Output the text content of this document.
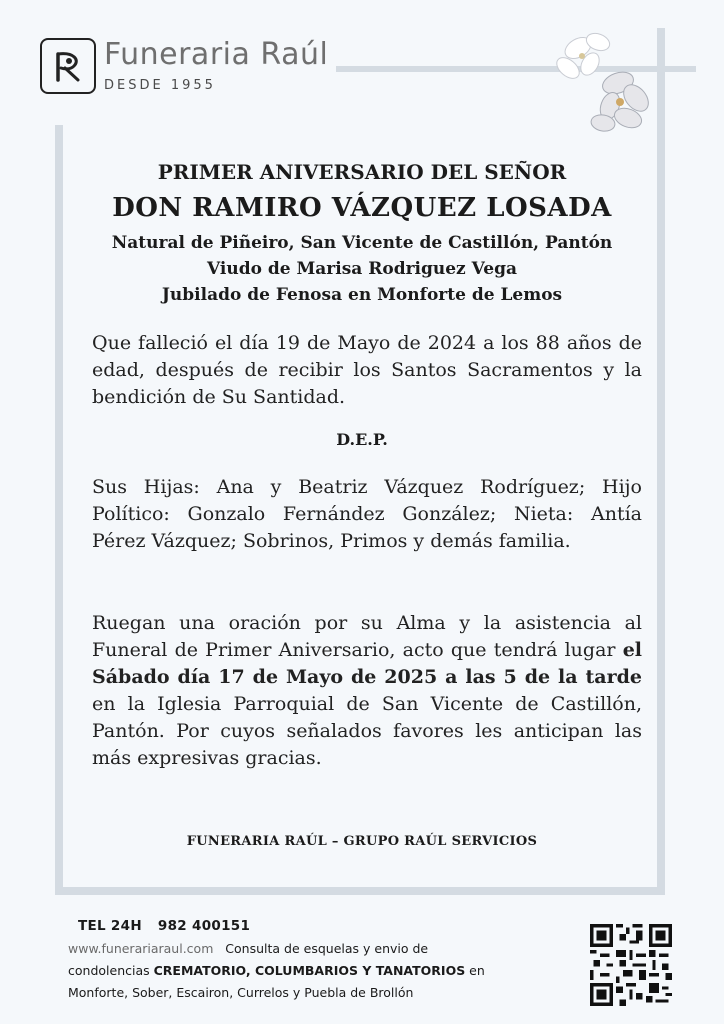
Funeraria Raúl
DESDE 1955
PRIMER ANIVERSARIO DEL SEÑOR
DON RAMIRO VÁZQUEZ LOSADA
Natural de Piñeiro, San Vicente de Castillón, Pantón
Viudo de Marisa Rodriguez Vega
Jubilado de Fenosa en Monforte de Lemos
Que falleció el día 19 de Mayo de 2024 a los 88 años de edad, después de recibir los Santos Sacramentos y la bendición de Su Santidad.
D.E.P.
Sus Hijas: Ana y Beatriz Vázquez Rodríguez; Hijo Político: Gonzalo Fernández González; Nieta: Antía Pérez Vázquez; Sobrinos, Primos y demás familia.
Ruegan una oración por su Alma y la asistencia al Funeral de Primer Aniversario, acto que tendrá lugar el Sábado día 17 de Mayo de 2025 a las 5 de la tarde en la Iglesia Parroquial de San Vicente de Castillón, Pantón. Por cuyos señalados favores les anticipan las más expresivas gracias.
FUNERARIA RAÚL – GRUPO RAÚL SERVICIOS
TEL 24H 982 400151
www.funerariaraul.com Consulta de esquelas y envio de
condolencias CREMATORIO, COLUMBARIOS Y TANATORIOS en
Monforte, Sober, Escairon, Currelos y Puebla de Brollón
